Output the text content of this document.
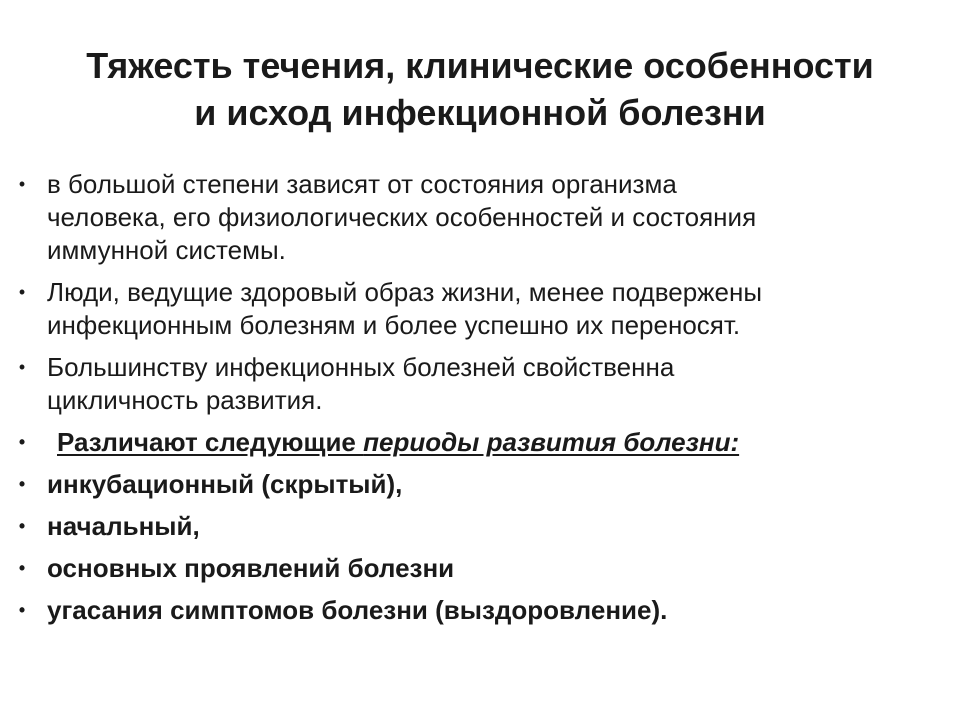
Тяжесть течения, клинические особенности
и исход инфекционной болезни
• в большой степени зависят от состояния организма
человека, его физиологических особенностей и состояния
иммунной системы.
• Люди, ведущие здоровый образ жизни, менее подвержены
инфекционным болезням и более успешно их переносят.
• Большинству инфекционных болезней свойственна
цикличность развития.
•	Различают следующие периоды развития болезни:
• инкубационный (скрытый),
• начальный,
• основных проявлений болезни
• угасания симптомов болезни (выздоровление).
